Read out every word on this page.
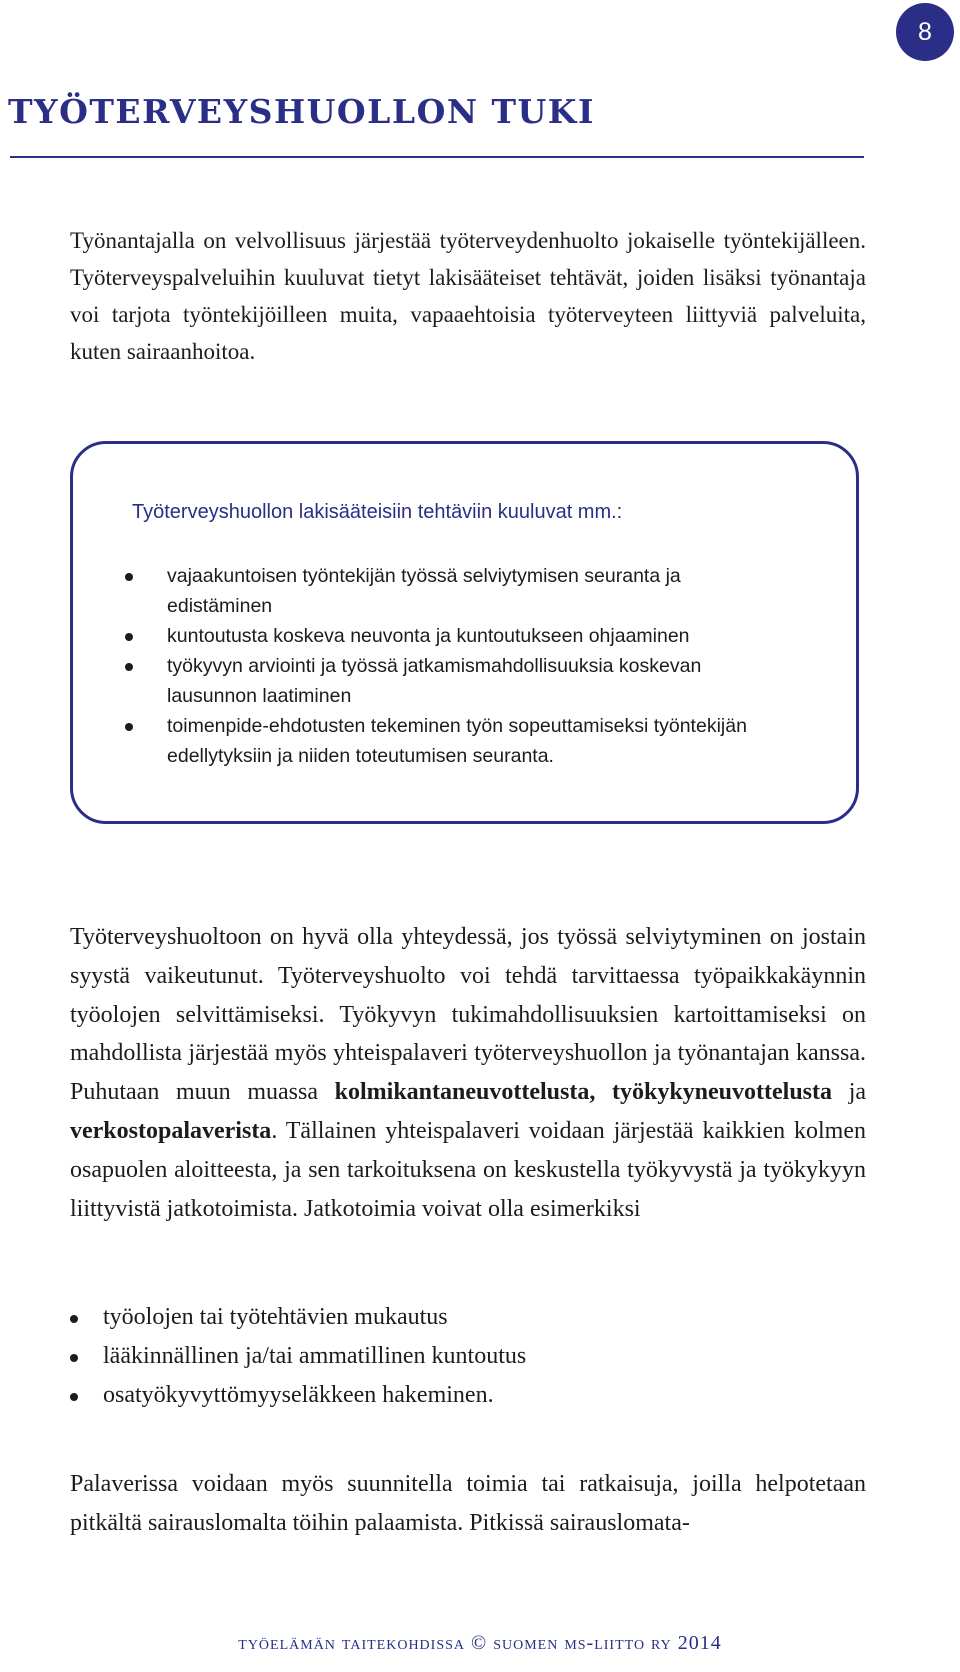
8
TYÖTERVEYSHUOLLON TUKI

Työnantajalla on velvollisuus järjestää työterveydenhuolto jokaiselle työntekijälleen. Työterveyspalveluihin kuuluvat tietyt lakisääteiset tehtävät, joiden lisäksi työnantaja voi tarjota työntekijöilleen muita, vapaaehtoisia työterveyteen liittyviä palveluita, kuten sairaanhoitoa.

Työterveyshuollon lakisääteisiin tehtäviin kuuluvat mm.:

vajaakuntoisen työntekijän työssä selviytymisen seuranta ja edistäminen
kuntoutusta koskeva neuvonta ja kuntoutukseen ohjaaminen
työkyvyn arviointi ja työssä jatkamismahdollisuuksia koskevan lausunnon laatiminen
toimenpide-ehdotusten tekeminen työn sopeuttamiseksi työntekijän edellytyksiin ja niiden toteutumisen seuranta.

Työterveyshuoltoon on hyvä olla yhteydessä, jos työssä selviytyminen on jostain syystä vaikeutunut. Työterveyshuolto voi tehdä tarvittaessa työpaikkakäynnin työolojen selvittämiseksi. Työkyvyn tukimahdollisuuksien kartoittamiseksi on mahdollista järjestää myös yhteispalaveri työterveyshuollon ja työnantajan kanssa. Puhutaan muun muassa kolmikantaneuvottelusta, työkykyneuvottelusta ja verkostopalaverista. Tällainen yhteispalaveri voidaan järjestää kaikkien kolmen osapuolen aloitteesta, ja sen tarkoituksena on keskustella työkyvystä ja työkykyyn liittyvistä jatkotoimista. Jatkotoimia voivat olla esimerkiksi

työolojen tai työtehtävien mukautus
lääkinnällinen ja/tai ammatillinen kuntoutus
osatyökyvyttömyyseläkkeen hakeminen.

Palaverissa voidaan myös suunnitella toimia tai ratkaisuja, joilla helpotetaan pitkältä sairauslomalta töihin palaamista. Pitkissä sairauslomata-

työelämän taitekohdissa © suomen ms-liitto ry 2014
